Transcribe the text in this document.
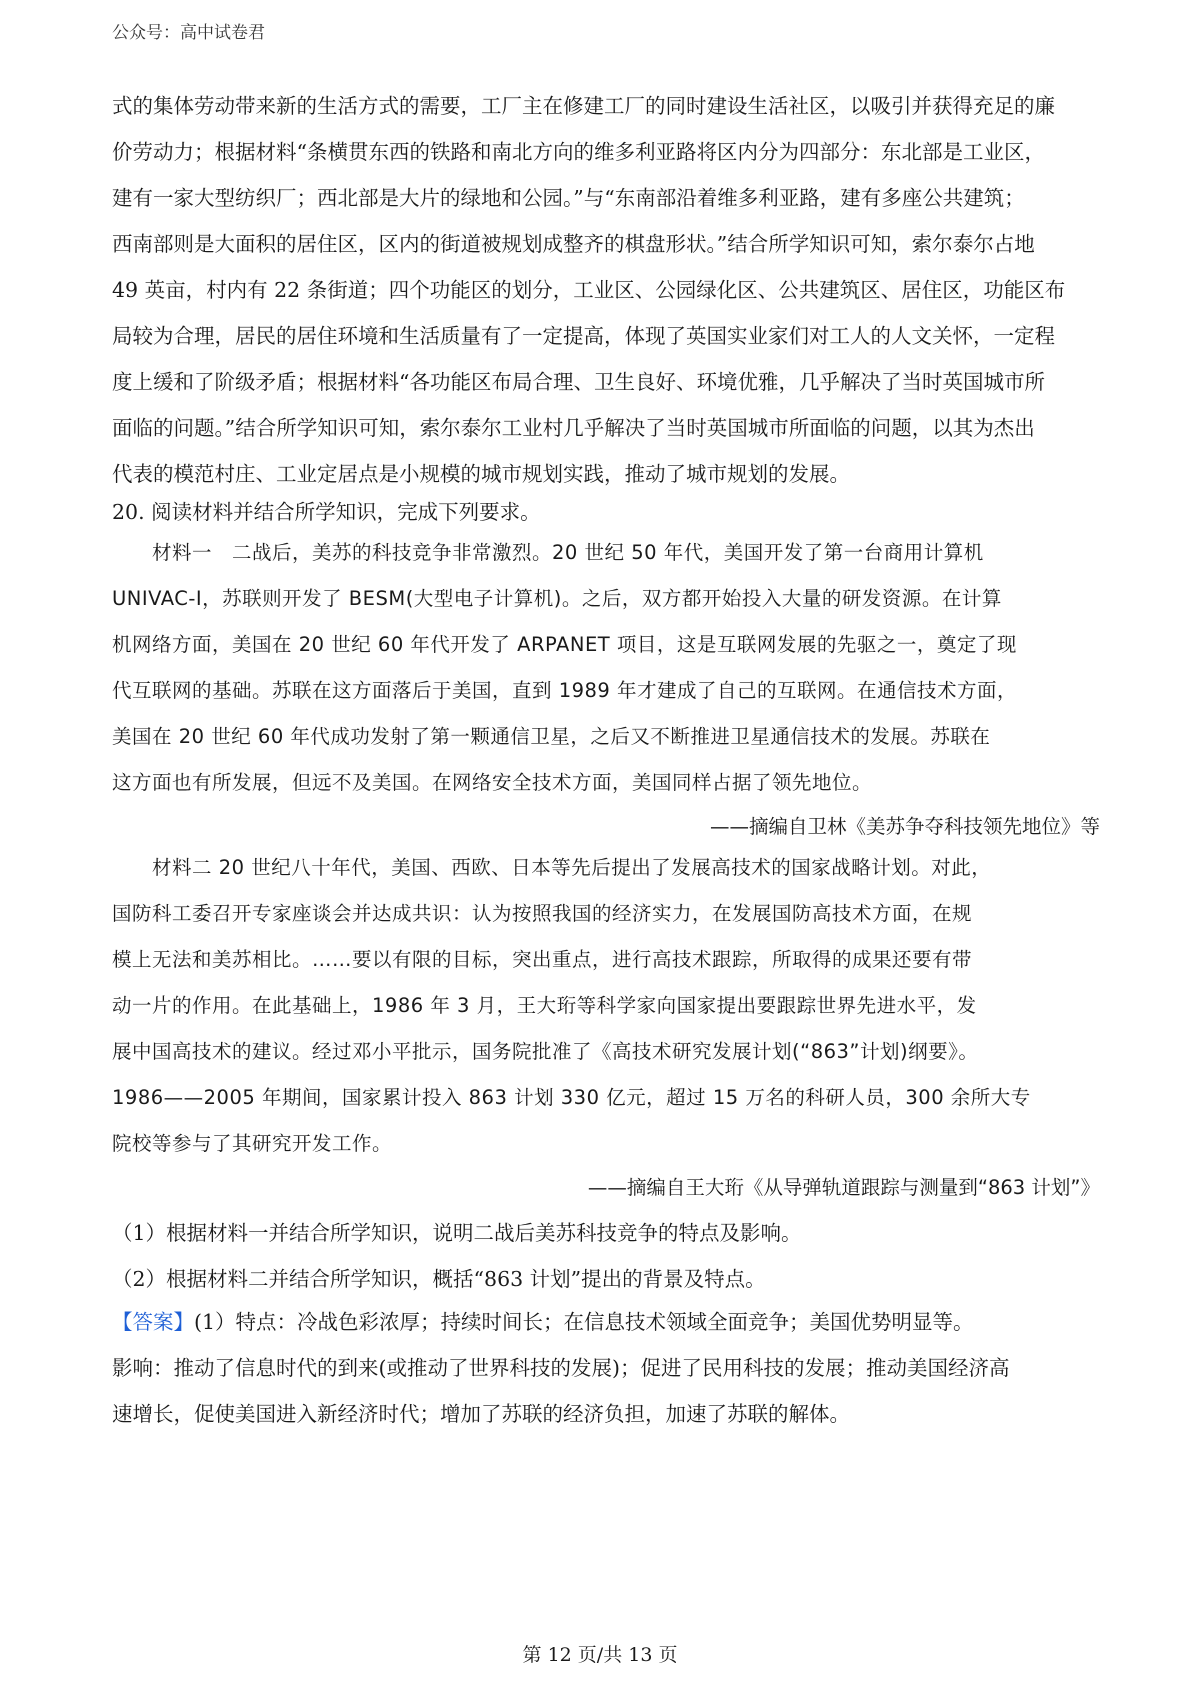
公众号：高中试卷君

式的集体劳动带来新的生活方式的需要，工厂主在修建工厂的同时建设生活社区，以吸引并获得充足的廉

价劳动力；根据材料“条横贯东西的铁路和南北方向的维多利亚路将区内分为四部分：东北部是工业区，

建有一家大型纺织厂；西北部是大片的绿地和公园。”与“东南部沿着维多利亚路，建有多座公共建筑；

西南部则是大面积的居住区，区内的街道被规划成整齐的棋盘形状。”结合所学知识可知，索尔泰尔占地

49 英亩，村内有 22 条街道；四个功能区的划分，工业区、公园绿化区、公共建筑区、居住区，功能区布

局较为合理，居民的居住环境和生活质量有了一定提高，体现了英国实业家们对工人的人文关怀，一定程

度上缓和了阶级矛盾；根据材料“各功能区布局合理、卫生良好、环境优雅，几乎解决了当时英国城市所

面临的问题。”结合所学知识可知，索尔泰尔工业村几乎解决了当时英国城市所面临的问题，以其为杰出

代表的模范村庄、工业定居点是小规模的城市规划实践，推动了城市规划的发展。

20. 阅读材料并结合所学知识，完成下列要求。

　　材料一　二战后，美苏的科技竞争非常激烈。20 世纪 50 年代，美国开发了第一台商用计算机

UNIVAC-I，苏联则开发了 BESM(大型电子计算机)。之后，双方都开始投入大量的研发资源。在计算

机网络方面，美国在 20 世纪 60 年代开发了 ARPANET 项目，这是互联网发展的先驱之一，奠定了现

代互联网的基础。苏联在这方面落后于美国，直到 1989 年才建成了自己的互联网。在通信技术方面，

美国在 20 世纪 60 年代成功发射了第一颗通信卫星，之后又不断推进卫星通信技术的发展。苏联在

这方面也有所发展，但远不及美国。在网络安全技术方面，美国同样占据了领先地位。

——摘编自卫林《美苏争夺科技领先地位》等

　　材料二 20 世纪八十年代，美国、西欧、日本等先后提出了发展高技术的国家战略计划。对此，

国防科工委召开专家座谈会并达成共识：认为按照我国的经济实力，在发展国防高技术方面，在规

模上无法和美苏相比。……要以有限的目标，突出重点，进行高技术跟踪，所取得的成果还要有带

动一片的作用。在此基础上，1986 年 3 月，王大珩等科学家向国家提出要跟踪世界先进水平，发

展中国高技术的建议。经过邓小平批示，国务院批准了《高技术研究发展计划(“863”计划)纲要》。

1986——2005 年期间，国家累计投入 863 计划 330 亿元，超过 15 万名的科研人员，300 余所大专

院校等参与了其研究开发工作。

——摘编自王大珩《从导弹轨道跟踪与测量到“863 计划”》
（1）根据材料一并结合所学知识，说明二战后美苏科技竞争的特点及影响。
（2）根据材料二并结合所学知识，概括“863 计划”提出的背景及特点。
【答案】(1）特点：冷战色彩浓厚；持续时间长；在信息技术领域全面竞争；美国优势明显等。
影响：推动了信息时代的到来(或推动了世界科技的发展)；促进了民用科技的发展；推动美国经济高
速增长，促使美国进入新经济时代；增加了苏联的经济负担，加速了苏联的解体。
第 12 页/共 13 页
